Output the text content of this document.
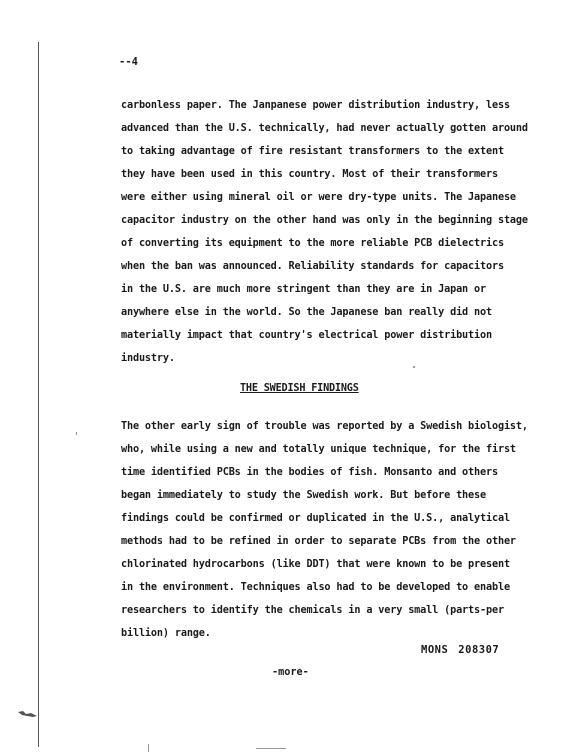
--4
carbonless paper. The Janpanese power distribution industry, less
advanced than the U.S. technically, had never actually gotten around
to taking advantage of fire resistant transformers to the extent
they have been used in this country. Most of their transformers
were either using mineral oil or were dry-type units. The Japanese
capacitor industry on the other hand was only in the beginning stage
of converting its equipment to the more reliable PCB dielectrics
when the ban was announced. Reliability standards for capacitors
in the U.S. are much more stringent than they are in Japan or
anywhere else in the world. So the Japanese ban really did not
materially impact that country's electrical power distribution
industry.
THE SWEDISH FINDINGS
The other early sign of trouble was reported by a Swedish biologist,
who, while using a new and totally unique technique, for the first
time identified PCBs in the bodies of fish. Monsanto and others
began immediately to study the Swedish work. But before these
findings could be confirmed or duplicated in the U.S., analytical
methods had to be refined in order to separate PCBs from the other
chlorinated hydrocarbons (like DDT) that were known to be present
in the environment. Techniques also had to be developed to enable
researchers to identify the chemicals in a very small (parts-per
billion) range.
MONS 208307
-more-
